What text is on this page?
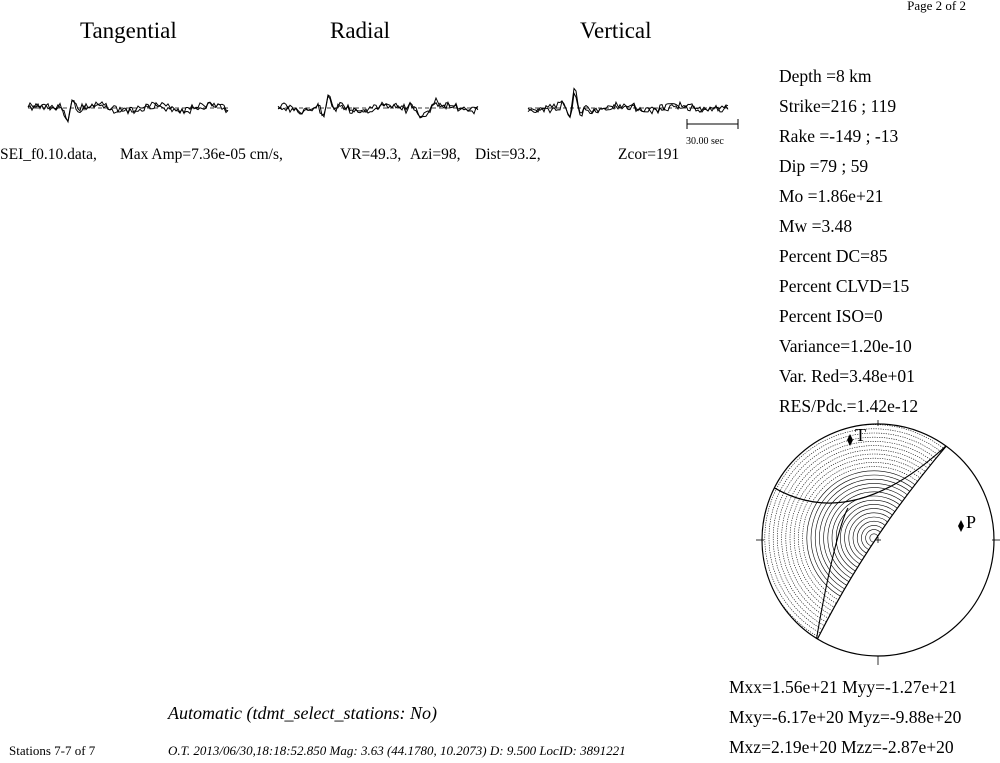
Page 2 of 2
Tangential	Radial	Vertical
30.00 sec
SEI_f0.10.data, Max Amp=7.36e-05 cm/s,	VR=49.3, Azi=98, Dist=93.2,	Zcor=191
Depth =8 km
Strike=216 ; 119
Rake =-149 ; -13
Dip =79 ; 59
Mo =1.86e+21
Mw =3.48
Percent DC=85
Percent CLVD=15
Percent ISO=0
Variance=1.20e-10
Var. Red=3.48e+01
RES/Pdc.=1.42e-12
T
P
Mxx=1.56e+21 Myy=-1.27e+21
Mxy=-6.17e+20 Myz=-9.88e+20
Mxz=2.19e+20 Mzz=-2.87e+20
Automatic (tdmt_select_stations: No)
Stations 7-7 of 7	O.T. 2013/06/30,18:18:52.850 Mag: 3.63 (44.1780, 10.2073) D: 9.500 LocID: 3891221
